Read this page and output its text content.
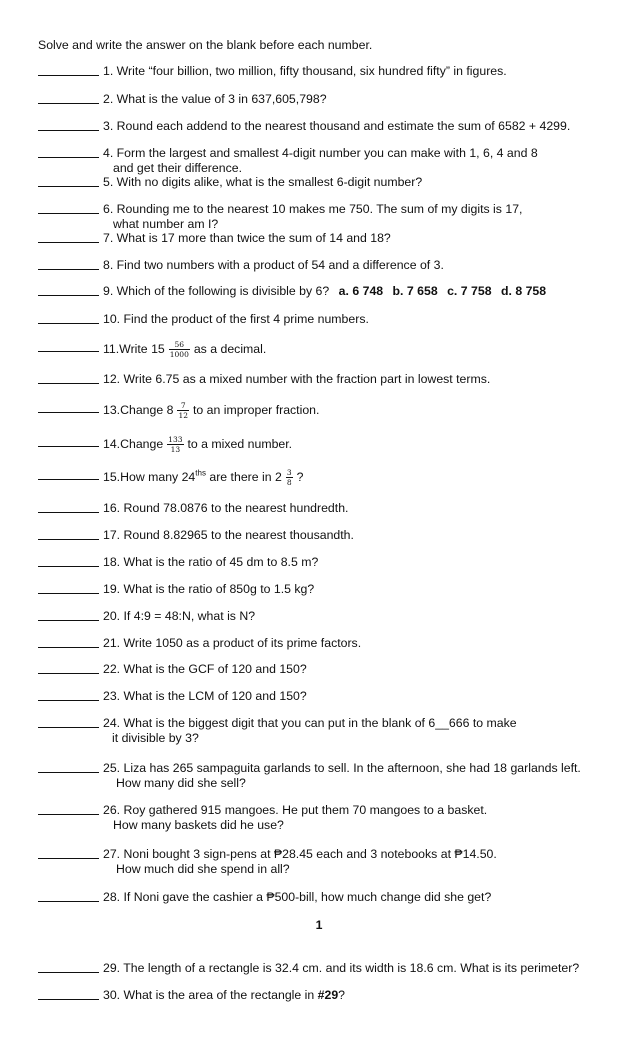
Solve and write the answer on the blank before each number.
1. Write “four billion, two million, fifty thousand, six hundred fifty” in figures.
2. What is the value of 3 in 637,605,798?
3. Round each addend to the nearest thousand and estimate the sum of 6582 + 4299.
4. Form the largest and smallest 4-digit number you can make with 1, 6, 4 and 8
and get their difference.
5. With no digits alike, what is the smallest 6-digit number?
6. Rounding me to the nearest 10 makes me 750. The sum of my digits is 17,
what number am I?
7. What is 17 more than twice the sum of 14 and 18?
8. Find two numbers with a product of 54 and a difference of 3.
9. Which of the following is divisible by 6? a. 6 748 b. 7 658 c. 7 758 d. 8 758
10. Find the product of the first 4 prime numbers.
11.Write $15 \frac{56}{1000}$ as a decimal.
12. Write 6.75 as a mixed number with the fraction part in lowest terms.
13.Change $8 \frac{7}{12}$ to an improper fraction.
14.Change $\frac{133}{13}$ to a mixed number.
15.How many $24^{ths}$ are there in $2 \frac{3}{8}$ ?
16. Round 78.0876 to the nearest hundredth.
17. Round 8.82965 to the nearest thousandth.
18. What is the ratio of 45 dm to 8.5 m?
19. What is the ratio of 850g to 1.5 kg?
20. If 4:9 = 48:N, what is N?
21. Write 1050 as a product of its prime factors.
22. What is the GCF of 120 and 150?
23. What is the LCM of 120 and 150?
24. What is the biggest digit that you can put in the blank of 6__666 to make
it divisible by 3?
25. Liza has 265 sampaguita garlands to sell. In the afternoon, she had 18 garlands left.
How many did she sell?
26. Roy gathered 915 mangoes. He put them 70 mangoes to a basket.
How many baskets did he use?
27. Noni bought 3 sign-pens at ₱28.45 each and 3 notebooks at ₱14.50.
How much did she spend in all?
28. If Noni gave the cashier a ₱500-bill, how much change did she get?
1
29. The length of a rectangle is 32.4 cm. and its width is 18.6 cm. What is its perimeter?
30. What is the area of the rectangle in #29?
